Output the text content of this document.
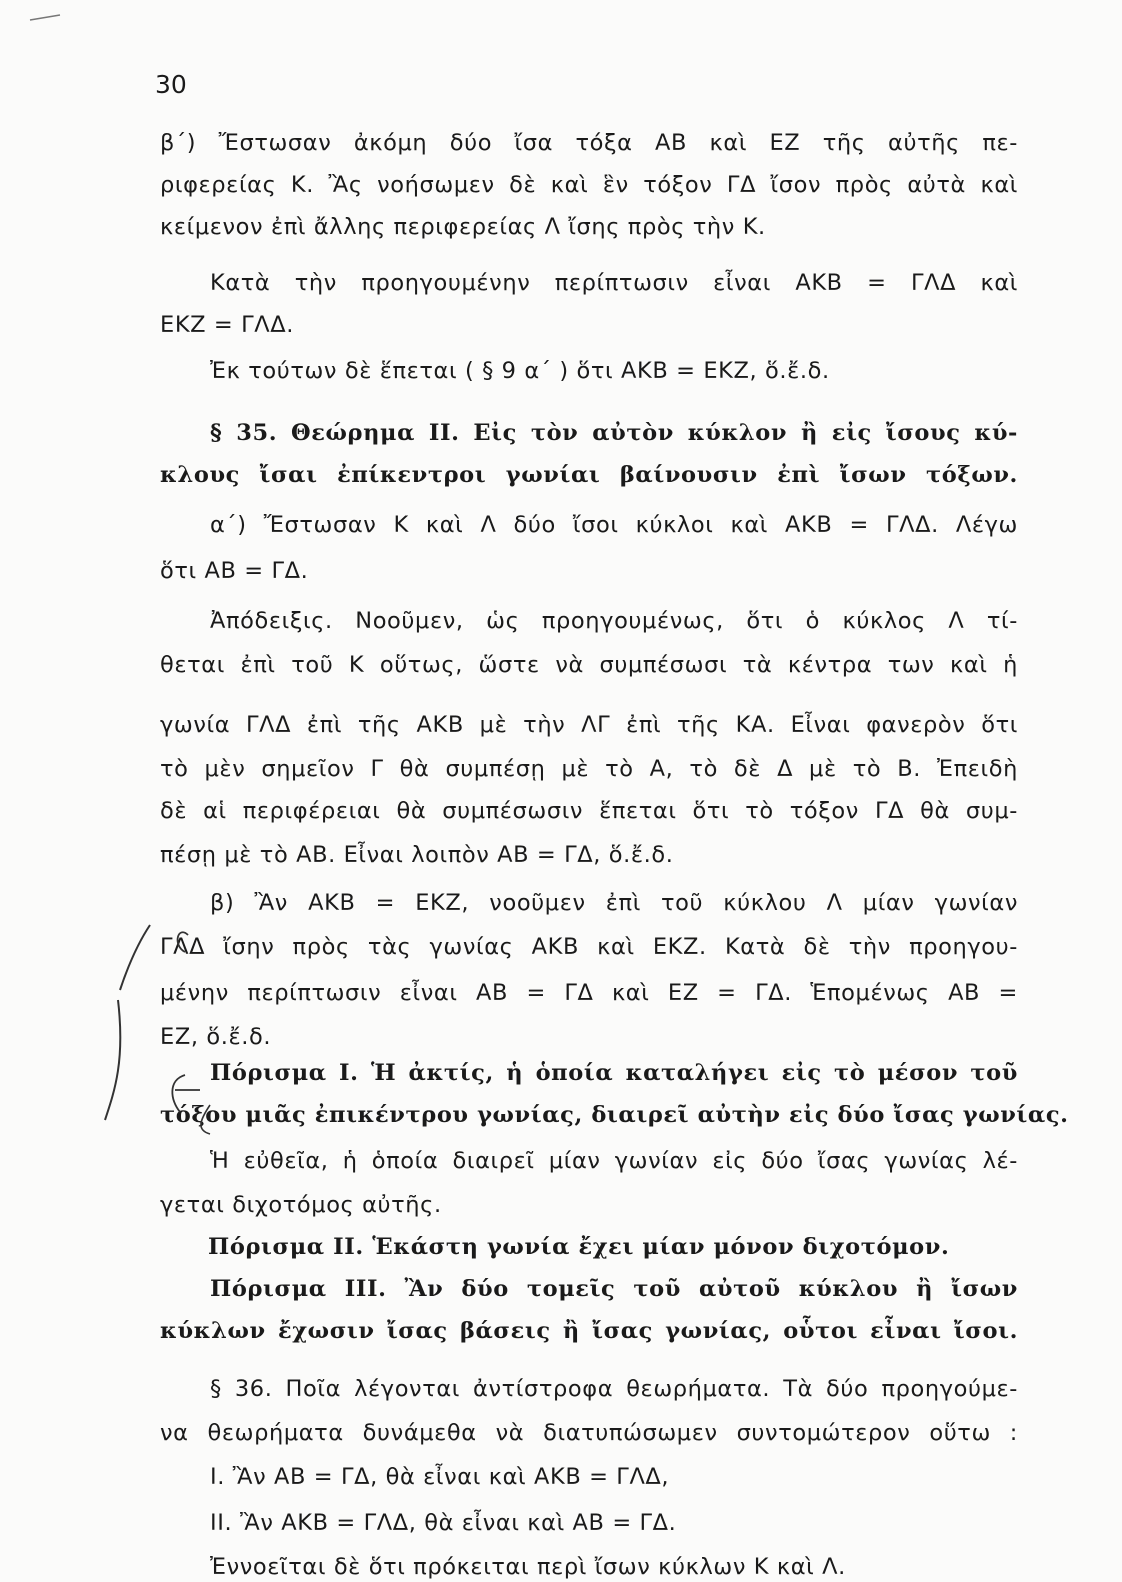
30
β΄) Ἔστωσαν ἀκόμη δύο ἴσα τόξα ΑΒ καὶ ΕΖ τῆς αὐτῆς πε-
ριφερείας Κ. Ἂς νοήσωμεν δὲ καὶ ἓν τόξον ΓΔ ἴσον πρὸς αὐτὰ καὶ
κείμενον ἐπὶ ἄλλης περιφερείας Λ ἴσης πρὸς τὴν Κ.
Κατὰ τὴν προηγουμένην περίπτωσιν εἶναι ΑΚΒ = ΓΛΔ καὶ
ΕΚΖ = ΓΛΔ.
Ἐκ τούτων δὲ ἕπεται ( § 9 α΄ ) ὅτι ΑΚΒ = ΕΚΖ, ὅ.ἔ.δ.
§ 35. Θεώρημα ΙΙ. Εἰς τὸν αὐτὸν κύκλον ἢ εἰς ἴσους κύ-
κλους ἴσαι ἐπίκεντροι γωνίαι βαίνουσιν ἐπὶ ἴσων τόξων.
α΄) Ἔστωσαν Κ καὶ Λ δύο ἴσοι κύκλοι καὶ ΑΚΒ = ΓΛΔ. Λέγω
ὅτι ΑΒ = ΓΔ.
Ἀπόδειξις. Νοοῦμεν, ὡς προηγουμένως, ὅτι ὁ κύκλος Λ τί-
θεται ἐπὶ τοῦ Κ οὕτως, ὥστε νὰ συμπέσωσι τὰ κέντρα των καὶ ἡ
γωνία ΓΛΔ ἐπὶ τῆς ΑΚΒ μὲ τὴν ΛΓ ἐπὶ τῆς ΚΑ. Εἶναι φανερὸν ὅτι
τὸ μὲν σημεῖον Γ θὰ συμπέσῃ μὲ τὸ Α, τὸ δὲ Δ μὲ τὸ Β. Ἐπειδὴ
δὲ αἱ περιφέρειαι θὰ συμπέσωσιν ἕπεται ὅτι τὸ τόξον ΓΔ θὰ συμ-
πέσῃ μὲ τὸ ΑΒ. Εἶναι λοιπὸν ΑΒ = ΓΔ, ὅ.ἔ.δ.
β) Ἂν ΑΚΒ = ΕΚΖ, νοοῦμεν ἐπὶ τοῦ κύκλου Λ μίαν γωνίαν
ΓΛΔ ἴσην πρὸς τὰς γωνίας ΑΚΒ καὶ ΕΚΖ. Κατὰ δὲ τὴν προηγου-
μένην περίπτωσιν εἶναι ΑΒ = ΓΔ καὶ ΕΖ = ΓΔ. Ἑπομένως ΑΒ =
ΕΖ, ὅ.ἔ.δ.
Πόρισμα Ι. Ἡ ἀκτίς, ἡ ὁποία καταλήγει εἰς τὸ μέσον τοῦ
τόξου μιᾶς ἐπικέντρου γωνίας, διαιρεῖ αὐτὴν εἰς δύο ἴσας γωνίας.
Ἡ εὐθεῖα, ἡ ὁποία διαιρεῖ μίαν γωνίαν εἰς δύο ἴσας γωνίας λέ-
γεται διχοτόμος αὐτῆς.
Πόρισμα ΙΙ. Ἑκάστη γωνία ἔχει μίαν μόνον διχοτόμον.
Πόρισμα ΙΙΙ. Ἂν δύο τομεῖς τοῦ αὐτοῦ κύκλου ἢ ἴσων
κύκλων ἔχωσιν ἴσας βάσεις ἢ ἴσας γωνίας, οὗτοι εἶναι ἴσοι.
§ 36. Ποῖα λέγονται ἀντίστροφα θεωρήματα. Τὰ δύο προηγούμε-
να θεωρήματα δυνάμεθα νὰ διατυπώσωμεν συντομώτερον οὕτω :
Ι. Ἂν ΑΒ = ΓΔ, θὰ εἶναι καὶ ΑΚΒ = ΓΛΔ,
ΙΙ. Ἂν ΑΚΒ = ΓΛΔ, θὰ εἶναι καὶ ΑΒ = ΓΔ.
Ἐννοεῖται δὲ ὅτι πρόκειται περὶ ἴσων κύκλων Κ καὶ Λ.
